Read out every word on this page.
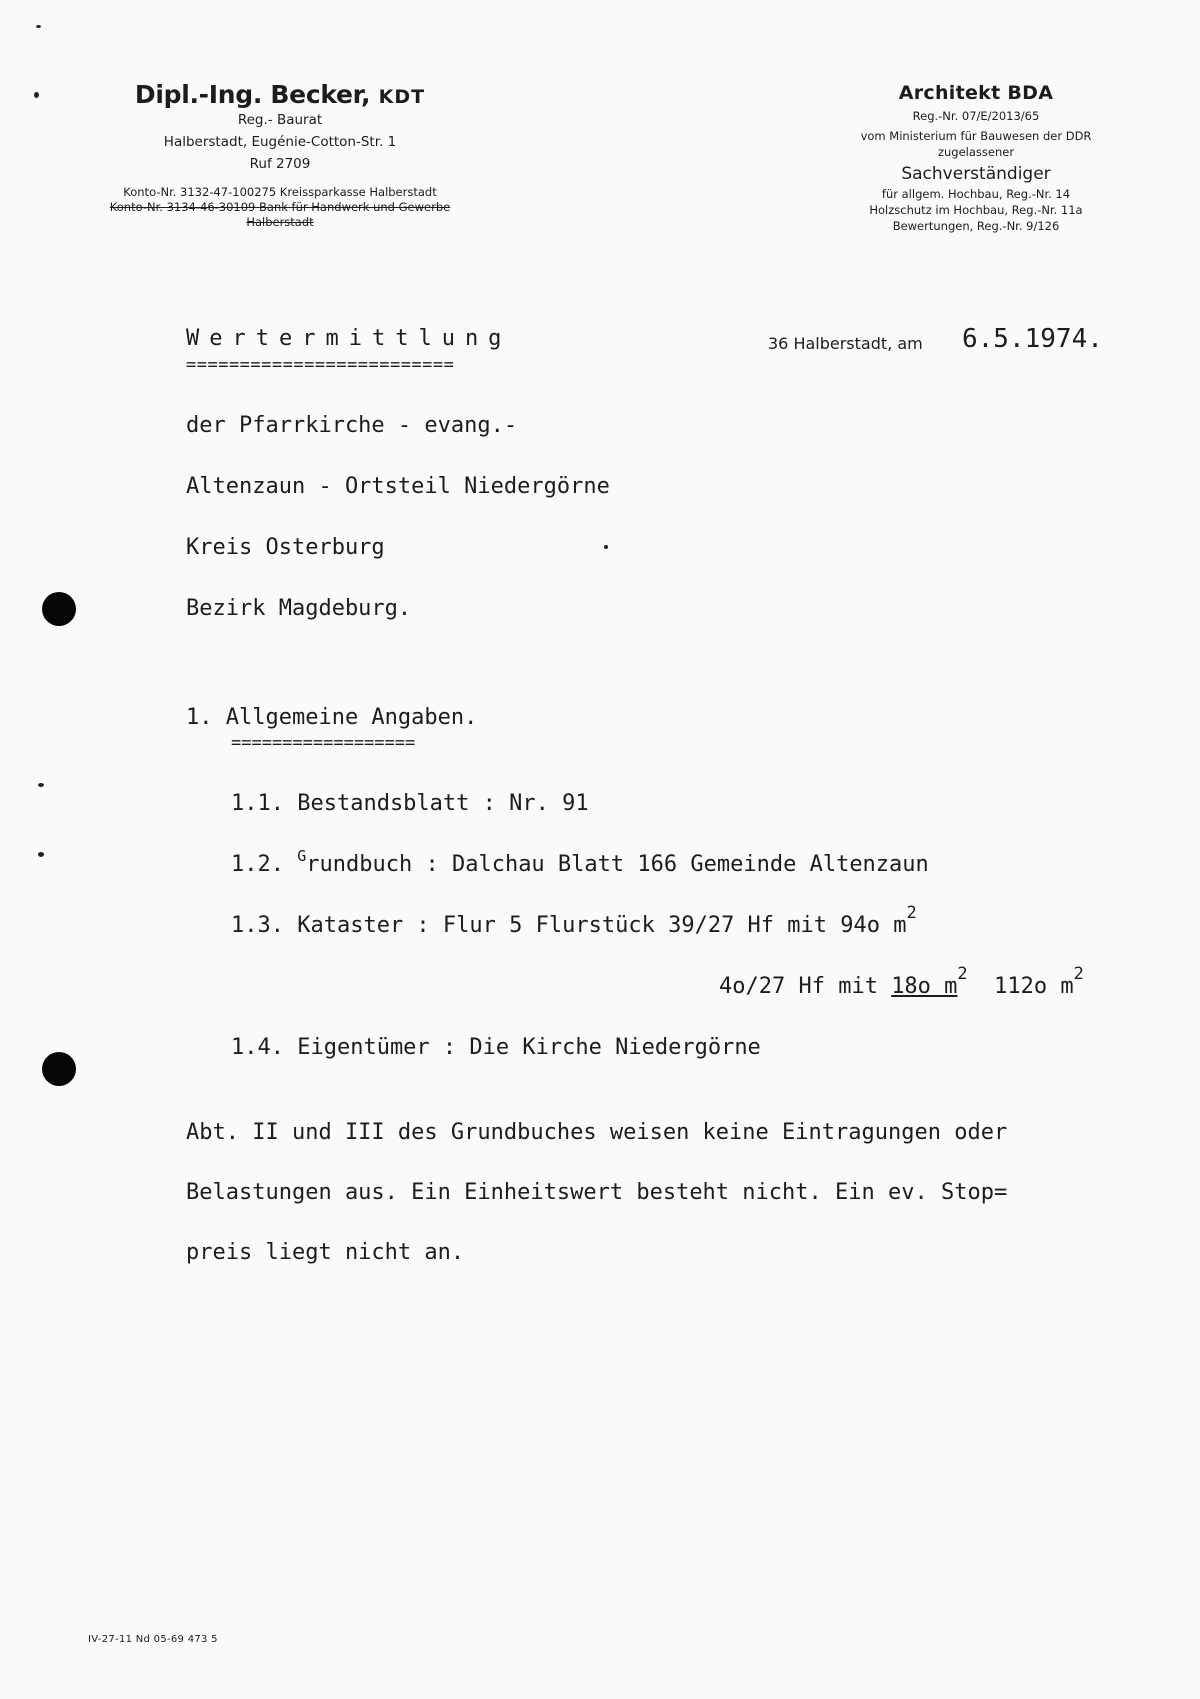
Dipl.-Ing. Becker, KDT
Reg.- Baurat
Halberstadt, Eugénie-Cotton-Str. 1
Ruf 2709
Konto-Nr. 3132-47-100275 Kreissparkasse Halberstadt
Konto-Nr. 3134-46-30109 Bank für Handwerk und Gewerbe
Halberstadt
Architekt BDA
Reg.-Nr. 07/E/2013/65
vom Ministerium für Bauwesen der DDR
zugelassener
Sachverständiger
für allgem. Hochbau, Reg.-Nr. 14
Holzschutz im Hochbau, Reg.-Nr. 11a
Bewertungen, Reg.-Nr. 9/126
Wertermittlung
=========================
36 Halberstadt, am 6.5.1974.
der Pfarrkirche - evang.-
Altenzaun - Ortsteil Niedergörne
Kreis Osterburg
Bezirk Magdeburg.
1. Allgemeine Angaben.
==================
1.1. Bestandsblatt : Nr. 91
1.2. $^G$rundbuch : Dalchau Blatt 166 Gemeinde Altenzaun
1.3. Kataster : Flur 5 Flurstück 39/27 Hf mit 94o $m^2$
4o/27 Hf mit 18o $m^2$ 112o $m^2$
1.4. Eigentümer : Die Kirche Niedergörne
Abt. II und III des Grundbuches weisen keine Eintragungen oder
Belastungen aus. Ein Einheitswert besteht nicht. Ein ev. Stop=
preis liegt nicht an.
IV-27-11 Nd 05-69 473 5
